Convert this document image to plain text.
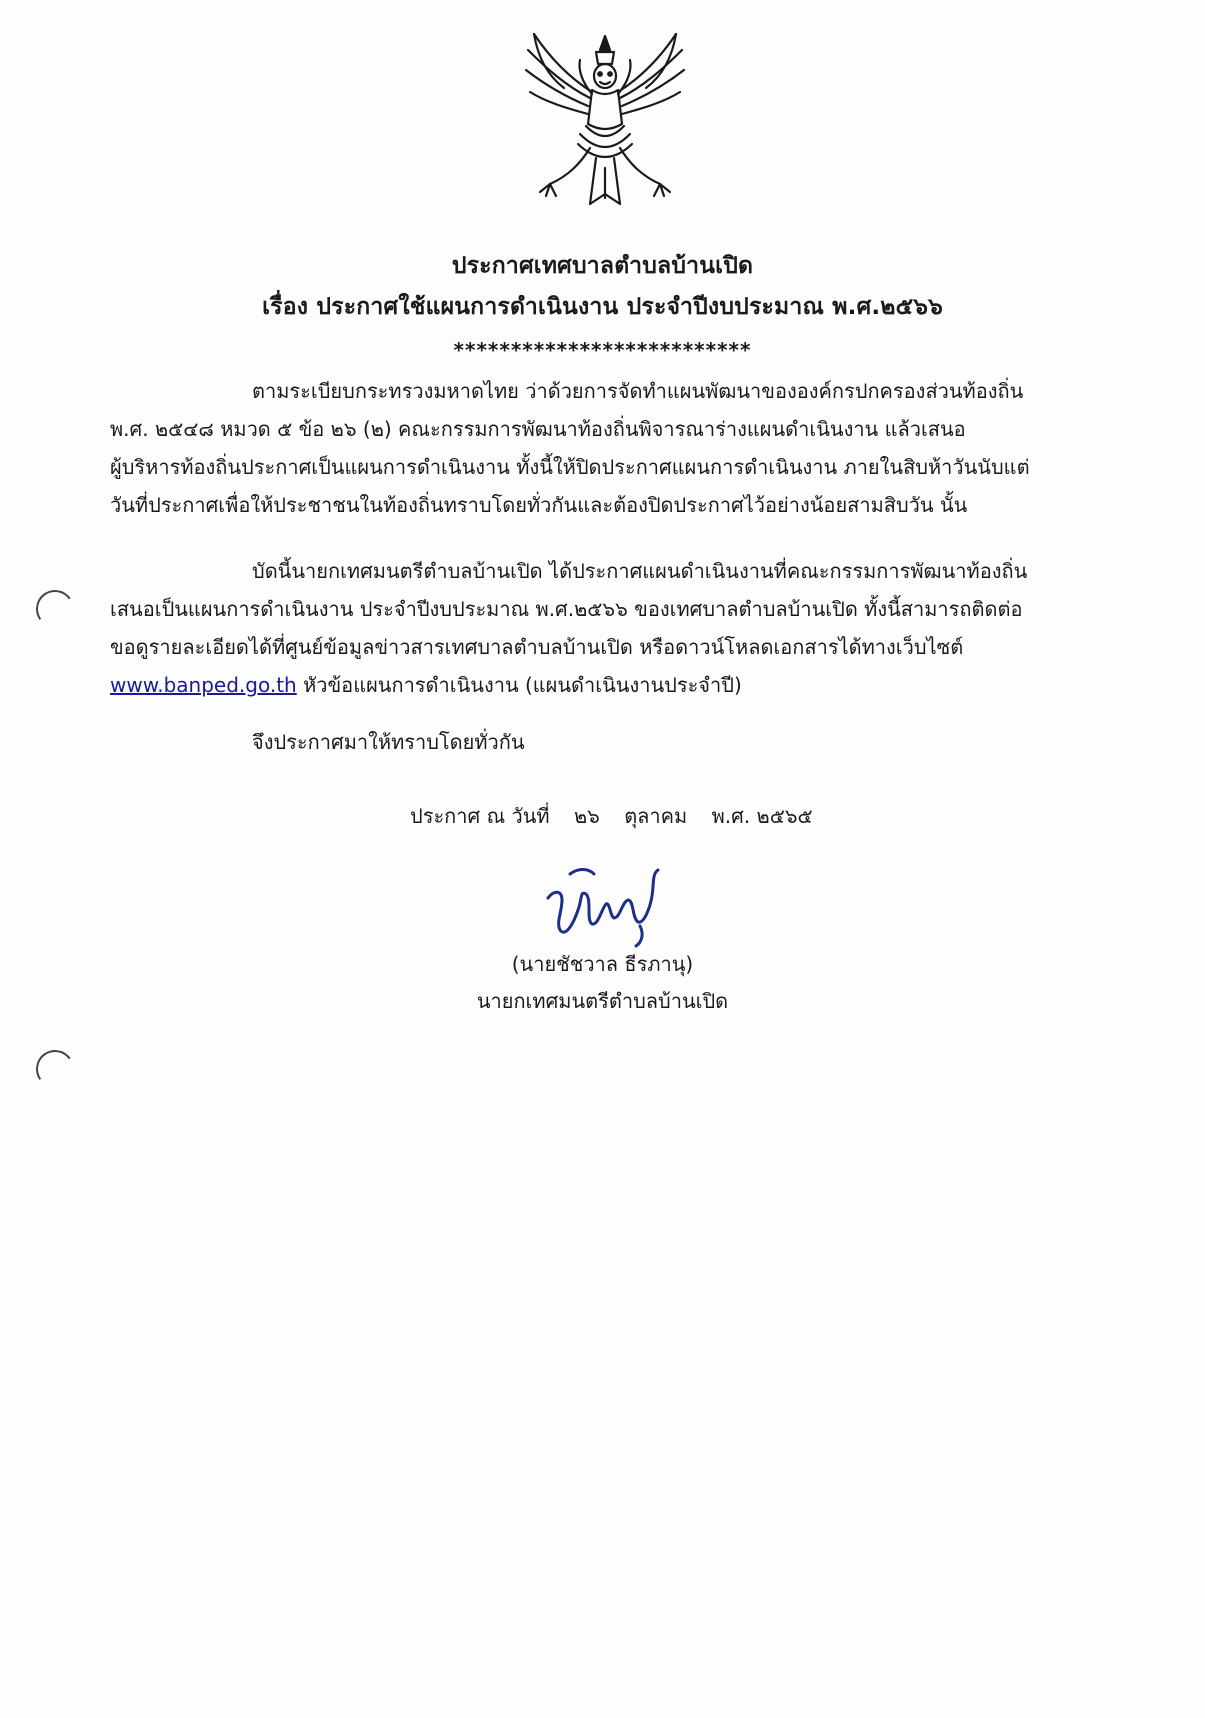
ประกาศเทศบาลตำบลบ้านเปิด
เรื่อง ประกาศใช้แผนการดำเนินงาน ประจำปีงบประมาณ พ.ศ.๒๕๖๖
**************************
ตามระเบียบกระทรวงมหาดไทย ว่าด้วยการจัดทำแผนพัฒนาขององค์กรปกครองส่วนท้องถิ่น
พ.ศ. ๒๕๔๘ หมวด ๕ ข้อ ๒๖ (๒) คณะกรรมการพัฒนาท้องถิ่นพิจารณาร่างแผนดำเนินงาน แล้วเสนอ
ผู้บริหารท้องถิ่นประกาศเป็นแผนการดำเนินงาน ทั้งนี้ให้ปิดประกาศแผนการดำเนินงาน ภายในสิบห้าวันนับแต่
วันที่ประกาศเพื่อให้ประชาชนในท้องถิ่นทราบโดยทั่วกันและต้องปิดประกาศไว้อย่างน้อยสามสิบวัน นั้น
บัดนี้นายกเทศมนตรีตำบลบ้านเปิด ได้ประกาศแผนดำเนินงานที่คณะกรรมการพัฒนาท้องถิ่น
เสนอเป็นแผนการดำเนินงาน ประจำปีงบประมาณ พ.ศ.๒๕๖๖ ของเทศบาลตำบลบ้านเปิด ทั้งนี้สามารถติดต่อ
ขอดูรายละเอียดได้ที่ศูนย์ข้อมูลข่าวสารเทศบาลตำบลบ้านเปิด หรือดาวน์โหลดเอกสารได้ทางเว็บไซต์
www.banped.go.th หัวข้อแผนการดำเนินงาน (แผนดำเนินงานประจำปี)
จึงประกาศมาให้ทราบโดยทั่วกัน
ประกาศ ณ วันที่ ๒๖ ตุลาคม พ.ศ. ๒๕๖๕
(นายชัชวาล ธีรภานุ)
นายกเทศมนตรีตำบลบ้านเปิด
